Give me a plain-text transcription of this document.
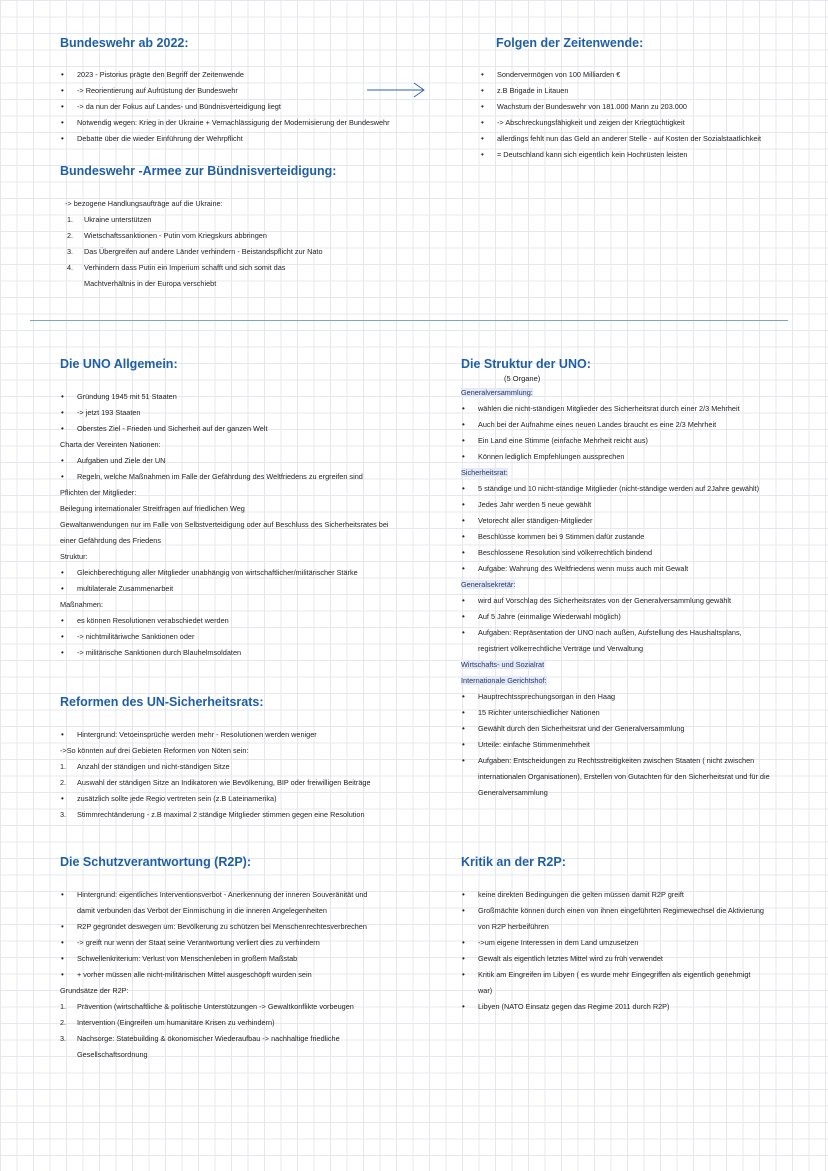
Bundeswehr ab 2022:
• 2023 - Pistorius prägte den Begriff der Zeitenwende
• -> Reorientierung auf Aufrüstung der Bundeswehr
• -> da nun der Fokus auf Landes- und Bündnisverteidigung liegt
• Notwendig wegen: Krieg in der Ukraine + Vernachlässigung der Modernisierung der Bundeswehr
• Debatte über die wieder Einführung der Wehrpflicht
Folgen der Zeitenwende:
• Sondervermögen von 100 Milliarden €
• z.B Brigade in Litauen
• Wachstum der Bundeswehr von 181.000 Mann zu 203.000
• -> Abschreckungsfähigkeit und zeigen der Kriegtüchtigkeit
• allerdings fehlt nun das Geld an anderer Stelle - auf Kosten der Sozialstaatlichkeit
• = Deutschland kann sich eigentlich kein Hochrüsten leisten
Bundeswehr -Armee zur Bündnisverteidigung:
-> bezogene Handlungsaufträge auf die Ukraine:
1. Ukraine unterstützen
2. Wietschaftssanktionen - Putin vom Kriegskurs abbringen
3. Das Übergreifen auf andere Länder verhindern - Beistandspflicht zur Nato
4. Verhindern dass Putin ein Imperium schafft und sich somit das
Machtverhältnis in der Europa verschiebt
Die UNO Allgemein:
• Gründung 1945 mit 51 Staaten
• -> jetzt 193 Staaten
• Oberstes Ziel - Frieden und Sicherheit auf der ganzen Welt
Charta der Vereinten Nationen:
• Aufgaben und Ziele der UN
• Regeln, welche Maßnahmen im Falle der Gefährdung des Weltfriedens zu ergreifen sind
Pflichten der Mitglieder:
Beilegung internationaler Streitfragen auf friedlichen Weg
Gewaltanwendungen nur im Falle von Selbstverteidigung oder auf Beschluss des Sicherheitsrates bei
einer Gefährdung des Friedens
Struktur:
• Gleichberechtigung aller Mitglieder unabhängig von wirtschaftlicher/militärischer Stärke
• multilaterale Zusammenarbeit
Maßnahmen:
• es können Resolutionen verabschiedet werden
• -> nichtmilitäriwche Sanktionen oder
• -> militärische Sanktionen durch Blauhelmsoldaten
Die Struktur der UNO:
(5 Organe)
Generalversammlung:
• wählen die nicht-ständigen Mitglieder des Sicherheitsrat durch einer 2/3 Mehrheit
• Auch bei der Aufnahme eines neuen Landes braucht es eine 2/3 Mehrheit
• Ein Land eine Stimme (einfache Mehrheit reicht aus)
• Können lediglich Empfehlungen aussprechen
Sicherheitsrat:
• 5 ständige und 10 nicht-ständige Mitglieder (nicht-ständige werden auf 2Jahre gewählt)
• Jedes Jahr werden 5 neue gewählt
• Vetorecht aller ständigen-Mitglieder
• Beschlüsse kommen bei 9 Stimmen dafür zustande
• Beschlossene Resolution sind völkerrechtlich bindend
• Aufgabe: Wahrung des Weltfriedens wenn muss auch mit Gewalt
Generalsekretär:
• wird auf Vorschlag des Sicherheitsrates von der Generalversammlung gewählt
• Auf 5 Jahre (einmalige Wiederwahl möglich)
• Aufgaben: Repräsentation der UNO nach außen, Aufstellung des Haushaltsplans,
registriert völkerrechtliche Verträge und Verwaltung
Wirtschafts- und Sozialrat
Internationale Gerichtshof:
• Hauptrechtssprechungsorgan in den Haag
• 15 Richter unterschiedlicher Nationen
• Gewählt durch den Sicherheitsrat und der Generalversammlung
• Urteile: einfache Stimmenmehrheit
• Aufgaben: Entscheidungen zu Rechtsstreitigkeiten zwischen Staaten ( nicht zwischen
internationalen Organisationen), Erstellen von Gutachten für den Sicherheitsrat und für die
Generalversammlung
Reformen des UN-Sicherheitsrats:
• Hintergrund: Vetoeinsprüche werden mehr - Resolutionen werden weniger
->So könnten auf drei Gebieten Reformen von Nöten sein:
1. Anzahl der ständigen und nicht-ständigen Sitze
2. Auswahl der ständigen Sitze an Indikatoren wie Bevölkerung, BIP oder freiwilligen Beiträge
• zusätzlich sollte jede Regio vertreten sein (z.B Lateinamerika)
3. Stimmrechtänderung - z.B maximal 2 ständige Mitglieder stimmen gegen eine Resolution
Die Schutzverantwortung (R2P):
• Hintergrund: eigentliches Interventionsverbot - Anerkennung der inneren Souveränität und
damit verbunden das Verbot der Einmischung in die inneren Angelegenheiten
• R2P gegründet deswegen um: Bevölkerung zu schützen bei Menschenrechtesverbrechen
• -> greift nur wenn der Staat seine Verantwortung verliert dies zu verhindern
• Schwellenkriterium: Verlust von Menschenleben in großem Maßstab
• + vorher müssen alle nicht-militärischen Mittel ausgeschöpft wurden sein
Grundsätze der R2P:
1. Prävention (wirtschaftliche & politische Unterstützungen -> Gewaltkonflikte vorbeugen
2. Intervention (Eingreifen um humanitäre Krisen zu verhindern)
3. Nachsorge: Statebuilding & ökonomischer Wiederaufbau -> nachhaltige friedliche
Gesellschaftsordnung
Kritik an der R2P:
• keine direkten Bedingungen die gelten müssen damit R2P greift
• Großmächte können durch einen von ihnen eingeführten Regimewechsel die Aktivierung
von R2P herbeiführen
• ->um eigene Interessen in dem Land umzusetzen
• Gewalt als eigentlich letztes Mittel wird zu früh verwendet
• Kritik am Eingreifen im Libyen ( es wurde mehr Eingegriffen als eigentlich genehmigt
war)
• Libyen (NATO Einsatz gegen das Regime 2011 durch R2P)
